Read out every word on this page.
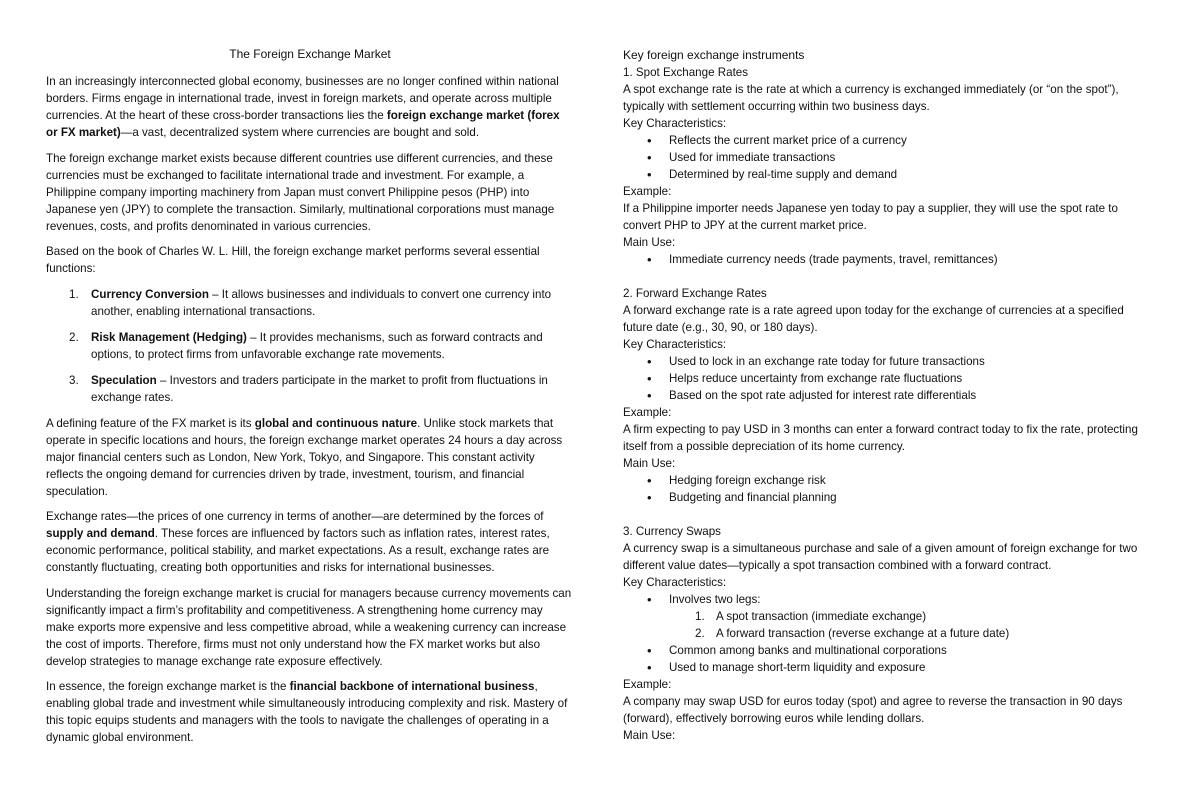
The Foreign Exchange Market

In an increasingly interconnected global economy, businesses are no longer confined within national borders. Firms engage in international trade, invest in foreign markets, and operate across multiple currencies. At the heart of these cross-border transactions lies the foreign exchange market (forex or FX market)—a vast, decentralized system where currencies are bought and sold.

The foreign exchange market exists because different countries use different currencies, and these currencies must be exchanged to facilitate international trade and investment. For example, a Philippine company importing machinery from Japan must convert Philippine pesos (PHP) into Japanese yen (JPY) to complete the transaction. Similarly, multinational corporations must manage revenues, costs, and profits denominated in various currencies.

Based on the book of Charles W. L. Hill, the foreign exchange market performs several essential functions:

1. Currency Conversion – It allows businesses and individuals to convert one currency into another, enabling international transactions.
2. Risk Management (Hedging) – It provides mechanisms, such as forward contracts and options, to protect firms from unfavorable exchange rate movements.
3. Speculation – Investors and traders participate in the market to profit from fluctuations in exchange rates.

A defining feature of the FX market is its global and continuous nature. Unlike stock markets that operate in specific locations and hours, the foreign exchange market operates 24 hours a day across major financial centers such as London, New York, Tokyo, and Singapore. This constant activity reflects the ongoing demand for currencies driven by trade, investment, tourism, and financial speculation.

Exchange rates—the prices of one currency in terms of another—are determined by the forces of supply and demand. These forces are influenced by factors such as inflation rates, interest rates, economic performance, political stability, and market expectations. As a result, exchange rates are constantly fluctuating, creating both opportunities and risks for international businesses.

Understanding the foreign exchange market is crucial for managers because currency movements can significantly impact a firm’s profitability and competitiveness. A strengthening home currency may make exports more expensive and less competitive abroad, while a weakening currency can increase the cost of imports. Therefore, firms must not only understand how the FX market works but also develop strategies to manage exchange rate exposure effectively.

In essence, the foreign exchange market is the financial backbone of international business, enabling global trade and investment while simultaneously introducing complexity and risk. Mastery of this topic equips students and managers with the tools to navigate the challenges of operating in a dynamic global environment.

Key foreign exchange instruments

1. Spot Exchange Rates

A spot exchange rate is the rate at which a currency is exchanged immediately (or “on the spot”), typically with settlement occurring within two business days.

Key Characteristics:

• Reflects the current market price of a currency
• Used for immediate transactions
• Determined by real-time supply and demand

Example:

If a Philippine importer needs Japanese yen today to pay a supplier, they will use the spot rate to convert PHP to JPY at the current market price.

Main Use:

• Immediate currency needs (trade payments, travel, remittances)

2. Forward Exchange Rates

A forward exchange rate is a rate agreed upon today for the exchange of currencies at a specified future date (e.g., 30, 90, or 180 days).

Key Characteristics:

• Used to lock in an exchange rate today for future transactions
• Helps reduce uncertainty from exchange rate fluctuations
• Based on the spot rate adjusted for interest rate differentials

Example:

A firm expecting to pay USD in 3 months can enter a forward contract today to fix the rate, protecting itself from a possible depreciation of its home currency.

Main Use:

• Hedging foreign exchange risk
• Budgeting and financial planning

3. Currency Swaps

A currency swap is a simultaneous purchase and sale of a given amount of foreign exchange for two different value dates—typically a spot transaction combined with a forward contract.

Key Characteristics:

• Involves two legs:
1. A spot transaction (immediate exchange)
2. A forward transaction (reverse exchange at a future date)
• Common among banks and multinational corporations
• Used to manage short-term liquidity and exposure

Example:

A company may swap USD for euros today (spot) and agree to reverse the transaction in 90 days (forward), effectively borrowing euros while lending dollars.

Main Use:
